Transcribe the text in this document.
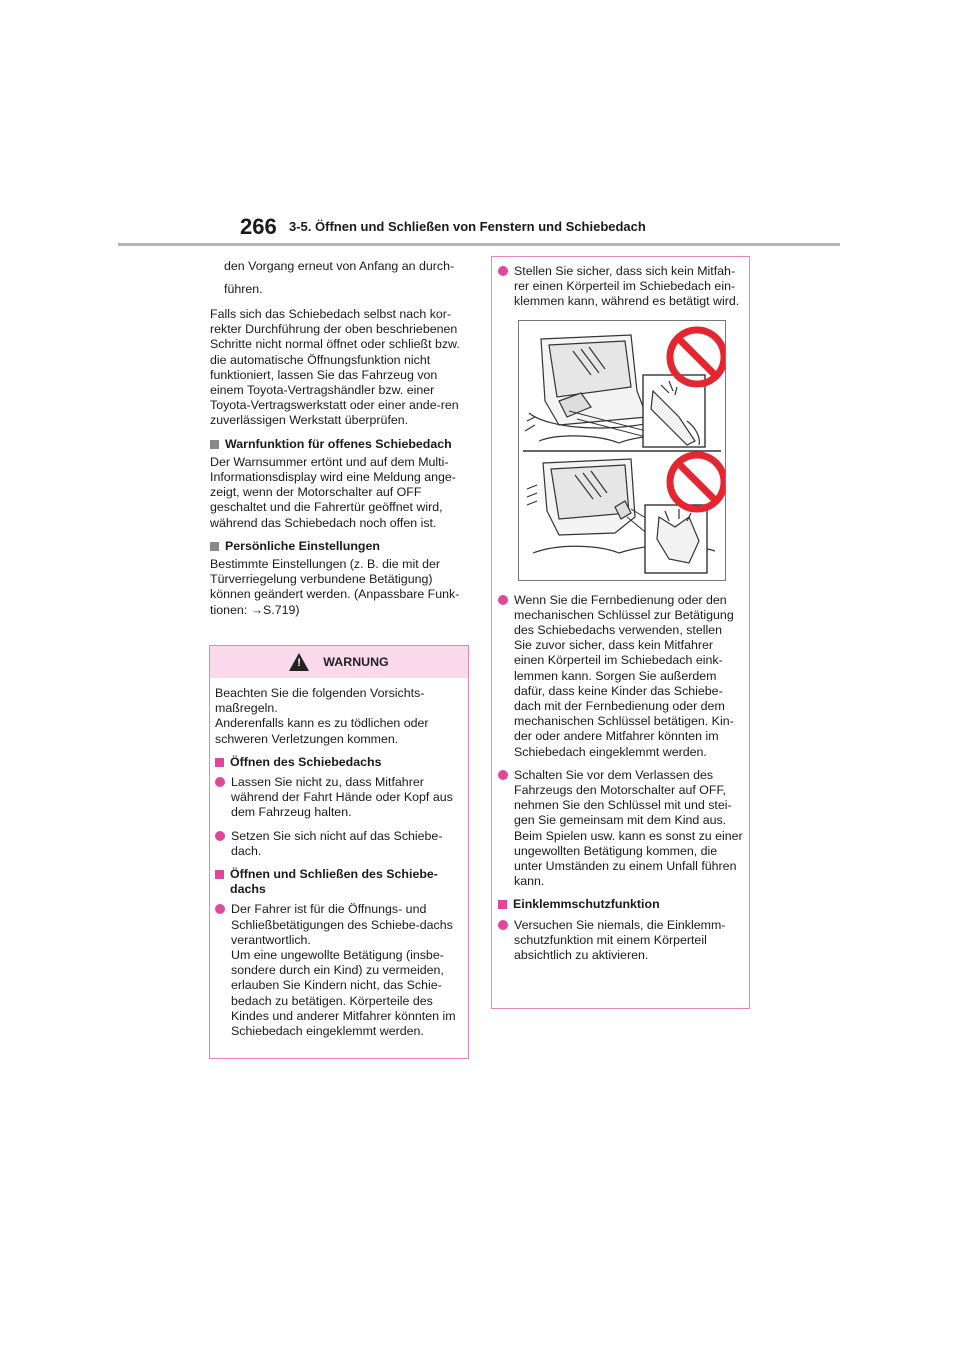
266 3-5. Öffnen und Schließen von Fenstern und Schiebedach
den Vorgang erneut von Anfang an durch-
führen.

Falls sich das Schiebedach selbst nach kor-rekter Durchführung der oben beschriebenen Schritte nicht normal öffnet oder schließt bzw. die automatische Öffnungsfunktion nicht funktioniert, lassen Sie das Fahrzeug von einem Toyota-Vertragshändler bzw. einer Toyota-Vertragswerkstatt oder einer ande-ren zuverlässigen Werkstatt überprüfen.

Warnfunktion für offenes Schiebedach

Der Warnsummer ertönt und auf dem Multi-Informationsdisplay wird eine Meldung ange-zeigt, wenn der Motorschalter auf OFF geschaltet und die Fahrertür geöffnet wird, während das Schiebedach noch offen ist.

Persönliche Einstellungen

Bestimmte Einstellungen (z. B. die mit der Türverriegelung verbundene Betätigung) können geändert werden. (Anpassbare Funk-tionen: →S.719)

! WARNUNG
Beachten Sie die folgenden Vorsichts-maßregeln.
Anderenfalls kann es zu tödlichen oder schweren Verletzungen kommen.
Öffnen des Schiebedachs
Lassen Sie nicht zu, dass Mitfahrer während der Fahrt Hände oder Kopf aus dem Fahrzeug halten.
Setzen Sie sich nicht auf das Schiebe-dach.
Öffnen und Schließen des Schiebe-dachs
Der Fahrer ist für die Öffnungs- und Schließbetätigungen des Schiebe-dachs verantwortlich.
Um eine ungewollte Betätigung (insbe-sondere durch ein Kind) zu vermeiden, erlauben Sie Kindern nicht, das Schie-bedach zu betätigen. Körperteile des Kindes und anderer Mitfahrer könnten im Schiebedach eingeklemmt werden.
Stellen Sie sicher, dass sich kein Mitfah-rer einen Körperteil im Schiebedach ein-klemmen kann, während es betätigt wird.
Wenn Sie die Fernbedienung oder den mechanischen Schlüssel zur Betätigung des Schiebedachs verwenden, stellen Sie zuvor sicher, dass kein Mitfahrer einen Körperteil im Schiebedach eink-lemmen kann. Sorgen Sie außerdem dafür, dass keine Kinder das Schiebe-dach mit der Fernbedienung oder dem mechanischen Schlüssel betätigen. Kin-der oder andere Mitfahrer könnten im Schiebedach eingeklemmt werden.
Schalten Sie vor dem Verlassen des Fahrzeugs den Motorschalter auf OFF, nehmen Sie den Schlüssel mit und stei-gen Sie gemeinsam mit dem Kind aus. Beim Spielen usw. kann es sonst zu einer ungewollten Betätigung kommen, die unter Umständen zu einem Unfall führen kann.
Einklemmschutzfunktion
Versuchen Sie niemals, die Einklemm-schutzfunktion mit einem Körperteil absichtlich zu aktivieren.
